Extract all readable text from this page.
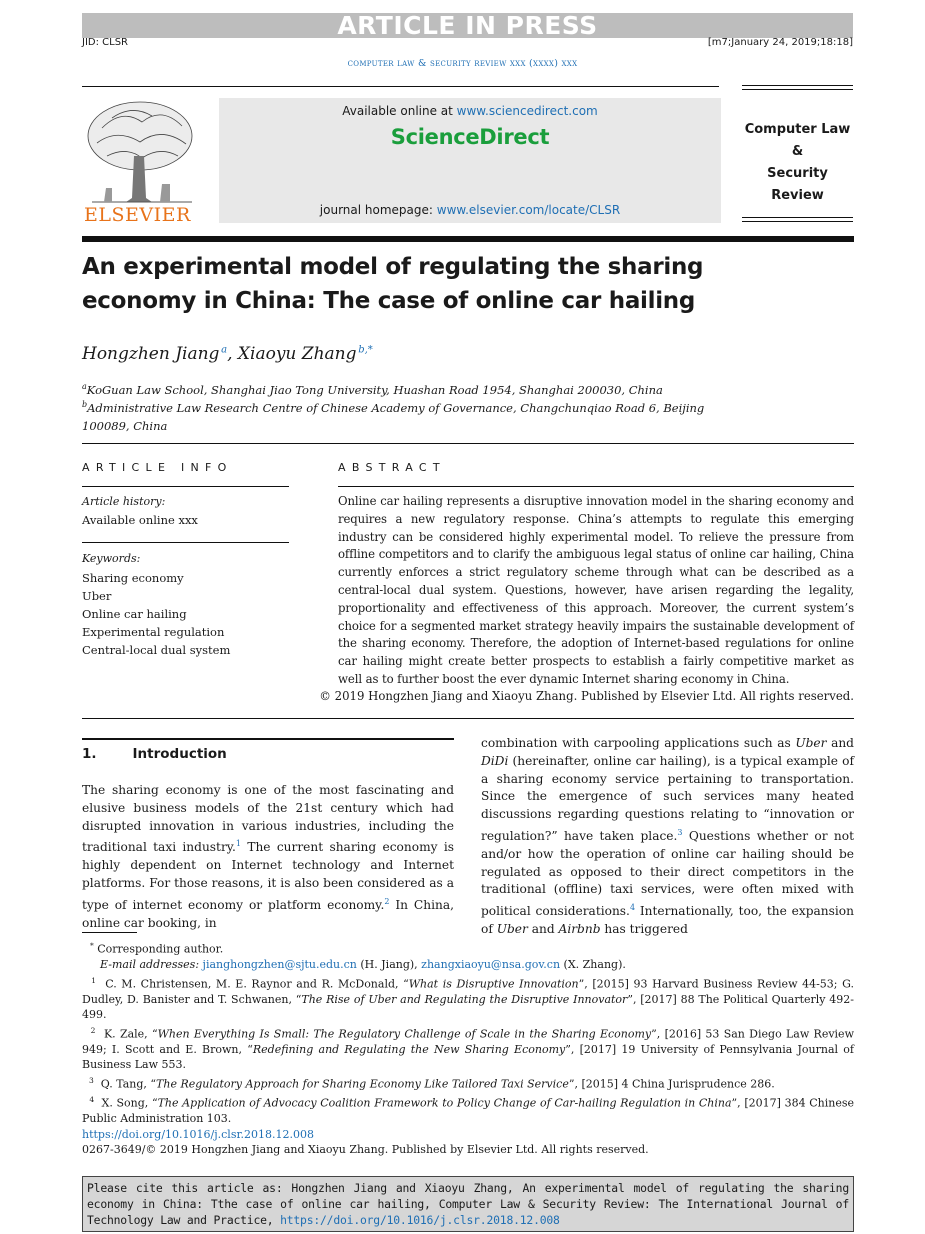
ARTICLE IN PRESS
JID: CLSR	[m7;January 24, 2019;18:18]
computer law & security review xxx (xxxx) xxx
ELSEVIER
Available online at www.sciencedirect.com
ScienceDirect
journal homepage: www.elsevier.com/locate/CLSR
Computer Law
&
Security Review
An experimental model of regulating the sharing
economy in China: The case of online car hailing
Hongzhen Jiang  $^a$, Xiaoyu Zhang  $^{b,*}$
$^a$KoGuan Law School, Shanghai Jiao Tong University, Huashan Road 1954, Shanghai 200030, China
$^b$Administrative Law Research Centre of Chinese Academy of Governance, Changchunqiao Road 6, Beijing 100089, China
ARTICLE INFO
Article history:
Available online xxx
Keywords:
Sharing economy
Uber
Online car hailing
Experimental regulation
Central-local dual system
ABSTRACT
Online car hailing represents a disruptive innovation model in the sharing economy and requires a new regulatory response. China’s attempts to regulate this emerging industry can be considered highly experimental model. To relieve the pressure from offline competitors and to clarify the ambiguous legal status of online car hailing, China currently enforces a strict regulatory scheme through what can be described as a central-local dual system. Questions, however, have arisen regarding the legality, proportionality and effectiveness of this approach. Moreover, the current system’s choice for a segmented market strategy heavily impairs the sustainable development of the sharing economy. Therefore, the adoption of Internet-based regulations for online car hailing might create better prospects to establish a fairly competitive market as well as to further boost the ever dynamic Internet sharing economy in China.
© 2019 Hongzhen Jiang and Xiaoyu Zhang. Published by Elsevier Ltd. All rights reserved.
1.	Introduction
The sharing economy is one of the most fascinating and elusive business models of the 21st century which had disrupted innovation in various industries, including the traditional taxi industry.$^1$ The current sharing economy is highly dependent on Internet technology and Internet platforms. For those reasons, it is also been considered as a type of internet economy or platform economy.$^2$ In China, online car booking, in
combination with carpooling applications such as Uber and DiDi (hereinafter, online car hailing), is a typical example of a sharing economy service pertaining to transportation. Since the emergence of such services many heated discussions regarding questions relating to “innovation or regulation?” have taken place.$^3$ Questions whether or not and/or how the operation of online car hailing should be regulated as opposed to their direct competitors in the traditional (offline) taxi services, were often mixed with political considerations.$^4$ Internationally, too, the expansion of Uber and Airbnb has triggered

* Corresponding author.

E-mail addresses: jianghongzhen@sjtu.edu.cn (H. Jiang), zhangxiaoyu@nsa.gov.cn (X. Zhang).

$^1$ C. M. Christensen, M. E. Raynor and R. McDonald, “What is Disruptive Innovation”, [2015] 93 Harvard Business Review 44-53; G. Dudley, D. Banister and T. Schwanen, “The Rise of Uber and Regulating the Disruptive Innovator”, [2017] 88 The Political Quarterly 492-499.

$^2$ K. Zale, “When Everything Is Small: The Regulatory Challenge of Scale in the Sharing Economy”, [2016] 53 San Diego Law Review 949; I. Scott and E. Brown, “Redefining and Regulating the New Sharing Economy”, [2017] 19 University of Pennsylvania Journal of Business Law 553.

$^3$ Q. Tang, “The Regulatory Approach for Sharing Economy Like Tailored Taxi Service”, [2015] 4 China Jurisprudence 286.

$^4$ X. Song, “The Application of Advocacy Coalition Framework to Policy Change of Car-hailing Regulation in China”, [2017] 384 Chinese Public Administration 103.

https://doi.org/10.1016/j.clsr.2018.12.008
0267-3649/© 2019 Hongzhen Jiang and Xiaoyu Zhang. Published by Elsevier Ltd. All rights reserved.
Please cite this article as: Hongzhen Jiang and Xiaoyu Zhang, An experimental model of regulating the sharing economy in China: Tthe case of online car hailing, Computer Law & Security Review: The International Journal of Technology Law and Practice, https://doi.org/10.1016/j.clsr.2018.12.008
